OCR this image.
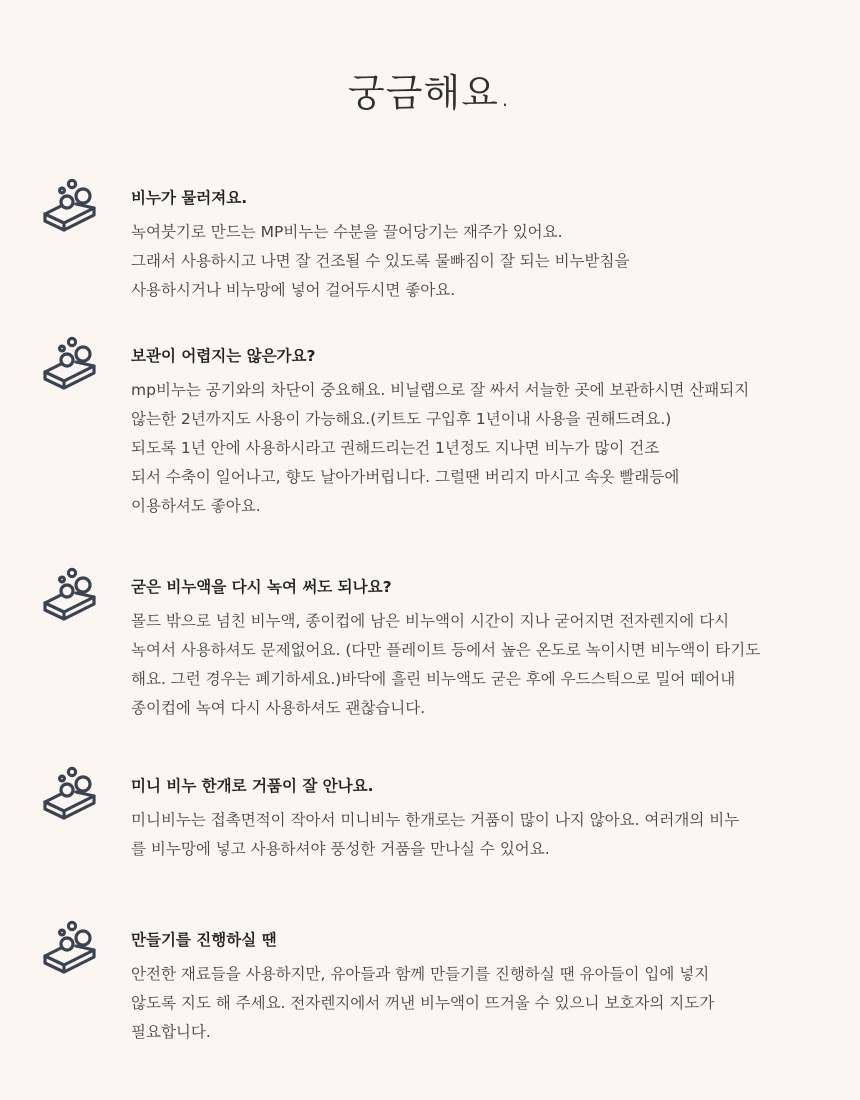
궁금해요.
비누가 물러져요.
녹여붓기로 만드는 MP비누는 수분을 끌어당기는 재주가 있어요.
그래서 사용하시고 나면 잘 건조될 수 있도록 물빠짐이 잘 되는 비누받침을
사용하시거나 비누망에 넣어 걸어두시면 좋아요.
보관이 어렵지는 않은가요?
mp비누는 공기와의 차단이 중요해요. 비닐랩으로 잘 싸서 서늘한 곳에 보관하시면 산패되지
않는한 2년까지도 사용이 가능해요.(키트도 구입후 1년이내 사용을 권해드려요.)
되도록 1년 안에 사용하시라고 권해드리는건 1년정도 지나면 비누가 많이 건조
되서 수축이 일어나고, 향도 날아가버립니다. 그럴땐 버리지 마시고 속옷 빨래등에
이용하셔도 좋아요.
굳은 비누액을 다시 녹여 써도 되나요?
몰드 밖으로 넘친 비누액, 종이컵에 남은 비누액이 시간이 지나 굳어지면 전자렌지에 다시
녹여서 사용하셔도 문제없어요. (다만 플레이트 등에서 높은 온도로 녹이시면 비누액이 타기도
해요. 그런 경우는 폐기하세요.)바닥에 흘린 비누액도 굳은 후에 우드스틱으로 밀어 떼어내
종이컵에 녹여 다시 사용하셔도 괜찮습니다.
미니 비누 한개로 거품이 잘 안나요.
미니비누는 접촉면적이 작아서 미니비누 한개로는 거품이 많이 나지 않아요. 여러개의 비누
를 비누망에 넣고 사용하셔야 풍성한 거품을 만나실 수 있어요.
만들기를 진행하실 땐
안전한 재료들을 사용하지만, 유아들과 함께 만들기를 진행하실 땐 유아들이 입에 넣지
않도록 지도 해 주세요. 전자렌지에서 꺼낸 비누액이 뜨거울 수 있으니 보호자의 지도가
필요합니다.
